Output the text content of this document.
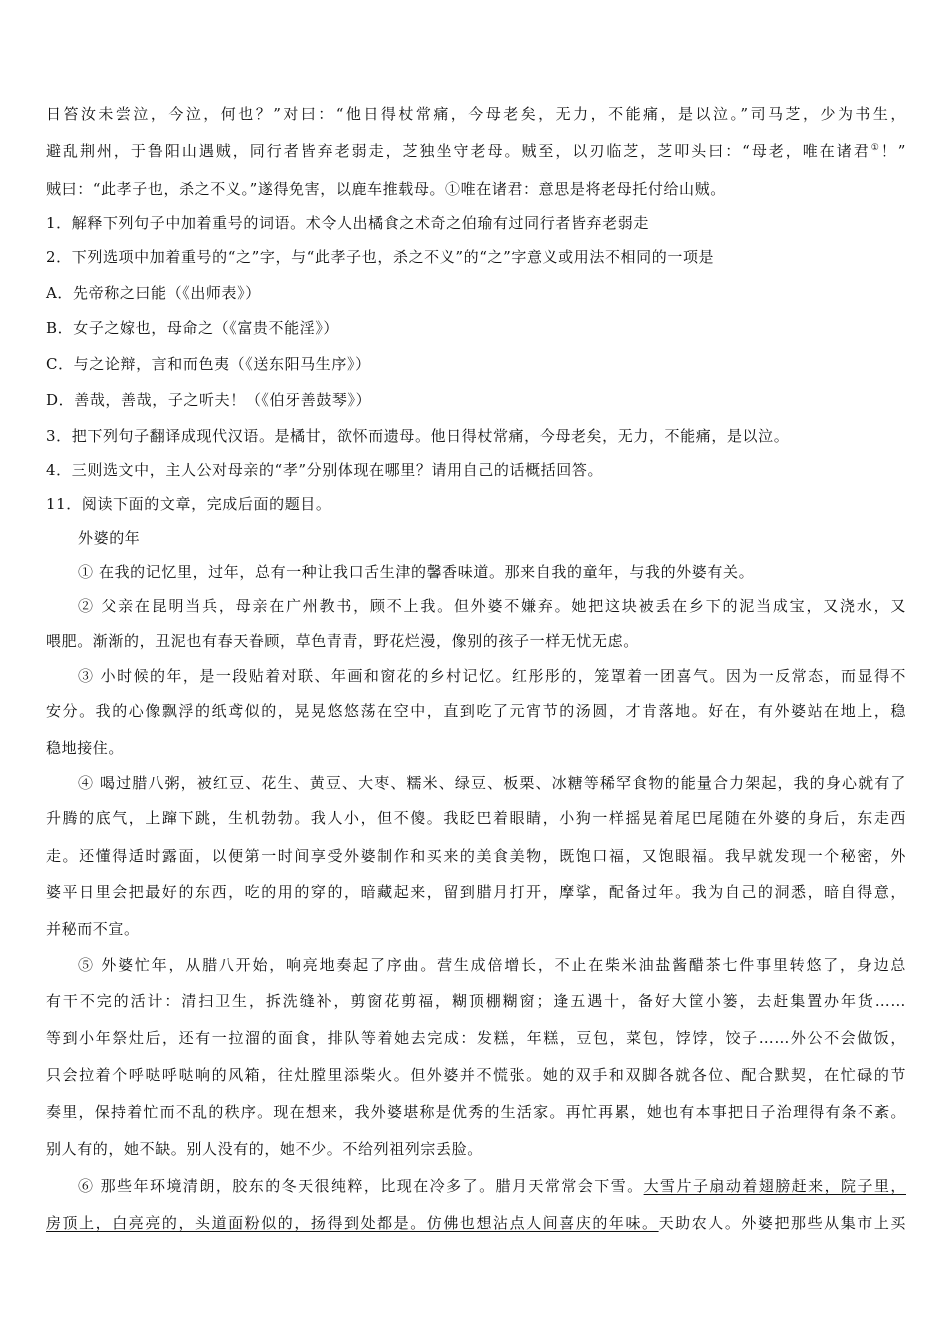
日笞汝未尝泣，今泣，何也？”对曰：“他日得杖常痛，今母老矣，无力，不能痛，是以泣。”司马芝，少为书生，
避乱荆州，于鲁阳山遇贼，同行者皆弃老弱走，芝独坐守老母。贼至，以刃临芝，芝叩头曰：“母老，唯在诸君①！”
贼曰：“此孝子也，杀之不义。”遂得免害，以鹿车推载母。①唯在诸君：意思是将老母托付给山贼。
1．解释下列句子中加着重号的词语。术令人出橘食之术奇之伯瑜有过同行者皆弃老弱走
2．下列选项中加着重号的“之”字，与“此孝子也，杀之不义”的“之”字意义或用法不相同的一项是
A．先帝称之曰能（《出师表》）
B．女子之嫁也，母命之（《富贵不能淫》）
C．与之论辩，言和而色夷（《送东阳马生序》）
D．善哉，善哉，子之听夫！（《伯牙善鼓琴》）
3．把下列句子翻译成现代汉语。是橘甘，欲怀而遗母。他日得杖常痛，今母老矣，无力，不能痛，是以泣。
4．三则选文中，主人公对母亲的“孝”分别体现在哪里？请用自己的话概括回答。
11．阅读下面的文章，完成后面的题目。
外婆的年
① 在我的记忆里，过年，总有一种让我口舌生津的馨香味道。那来自我的童年，与我的外婆有关。
② 父亲在昆明当兵，母亲在广州教书，顾不上我。但外婆不嫌弃。她把这块被丢在乡下的泥当成宝，又浇水，又
喂肥。渐渐的，丑泥也有春天眷顾，草色青青，野花烂漫，像别的孩子一样无忧无虑。
③ 小时候的年，是一段贴着对联、年画和窗花的乡村记忆。红彤彤的，笼罩着一团喜气。因为一反常态，而显得不
安分。我的心像飘浮的纸鸢似的，晃晃悠悠荡在空中，直到吃了元宵节的汤圆，才肯落地。好在，有外婆站在地上，稳
稳地接住。
④ 喝过腊八粥，被红豆、花生、黄豆、大枣、糯米、绿豆、板栗、冰糖等稀罕食物的能量合力架起，我的身心就有了
升腾的底气，上蹿下跳，生机勃勃。我人小，但不傻。我眨巴着眼睛，小狗一样摇晃着尾巴尾随在外婆的身后，东走西
走。还懂得适时露面，以便第一时间享受外婆制作和买来的美食美物，既饱口福，又饱眼福。我早就发现一个秘密，外
婆平日里会把最好的东西，吃的用的穿的，暗藏起来，留到腊月打开，摩挲，配备过年。我为自己的洞悉，暗自得意，
并秘而不宣。
⑤ 外婆忙年，从腊八开始，响亮地奏起了序曲。营生成倍增长，不止在柴米油盐酱醋茶七件事里转悠了，身边总
有干不完的活计：清扫卫生，拆洗缝补，剪窗花剪福，糊顶棚糊窗；逢五遇十，备好大筐小篓，去赶集置办年货……
等到小年祭灶后，还有一拉溜的面食，排队等着她去完成：发糕，年糕，豆包，菜包，饽饽，饺子……外公不会做饭，
只会拉着个呼哒呼哒响的风箱，往灶膛里添柴火。但外婆并不慌张。她的双手和双脚各就各位、配合默契，在忙碌的节
奏里，保持着忙而不乱的秩序。现在想来，我外婆堪称是优秀的生活家。再忙再累，她也有本事把日子治理得有条不紊。
别人有的，她不缺。别人没有的，她不少。不给列祖列宗丢脸。
⑥ 那些年环境清朗，胶东的冬天很纯粹，比现在冷多了。腊月天常常会下雪。大雪片子扇动着翅膀赶来，院子里，
房顶上，白亮亮的，头道面粉似的，扬得到处都是。仿佛也想沾点人间喜庆的年味。天助农人。外婆把那些从集市上买
